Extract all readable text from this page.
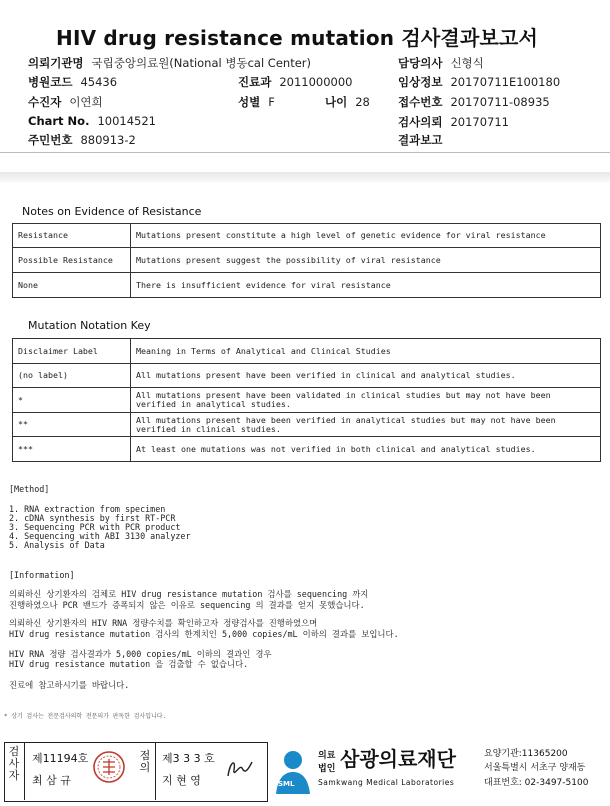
HIV drug resistance mutation 검사결과보고서
의뢰기관명 국립중앙의료원(National 병동cal Center)	담당의사 신형식
병원코드 45436	진료과 2011000000	임상정보 20170711E100180
수진자 이연희	성별 F	나이 28 접수번호 20170711-08935
Chart No. 10014521	검사의뢰 20170711
주민번호 880913-2	결과보고
Notes on Evidence of Resistance
Resistance	Mutations present constitute a high level of genetic evidence for viral resistance
Possible Resistance	Mutations present suggest the possibility of viral resistance
None	There is insufficient evidence for viral resistance
Mutation Notation Key
Disclaimer Label	Meaning in Terms of Analytical and Clinical Studies
(no label)	All mutations present have been verified in clinical and analytical studies.

*	All mutations present have been validated in clinical studies but may not have been
verified in analytical studies.

**	All mutations present have been verified in analytical studies but may not have been
verified in clinical studies.

***	At least one mutations was not verified in both clinical and analytical studies.
[Method]
1. RNA extraction from specimen
2. cDNA synthesis by first RT-PCR
3. Sequencing PCR with PCR product
4. Sequencing with ABI 3130 analyzer
5. Analysis of Data
[Information]
의뢰하신 상기환자의 검체로 HIV drug resistance mutation 검사를 sequencing 까지
진행하였으나 PCR 밴드가 증폭되지 않은 이유로 sequencing 의 결과를 얻지 못했습니다.
의뢰하신 상기환자의 HIV RNA 정량수치를 확인하고자 정량검사를 진행하였으며
HIV drug resistance mutation 검사의 한계치인 5,000 copies/mL 이하의 결과를 보입니다.
HIV RNA 정량 검사결과가 5,000 copies/mL 이하의 결과인 경우
HIV drug resistance mutation 을 검출할 수 없습니다.
진료에 참고하시기를 바랍니다.
* 상기 검사는 전문검사의학 전문의가 판독한 검사입니다.
검사자
제11194호
최 삼 규
점의
제3 3 3 호
지 현 영	SML
의료
법인 삼광의료재단
Samkwang Medical Laboratories
요양기관:11365200
서울특별시 서초구 양재동
대표번호: 02-3497-5100
